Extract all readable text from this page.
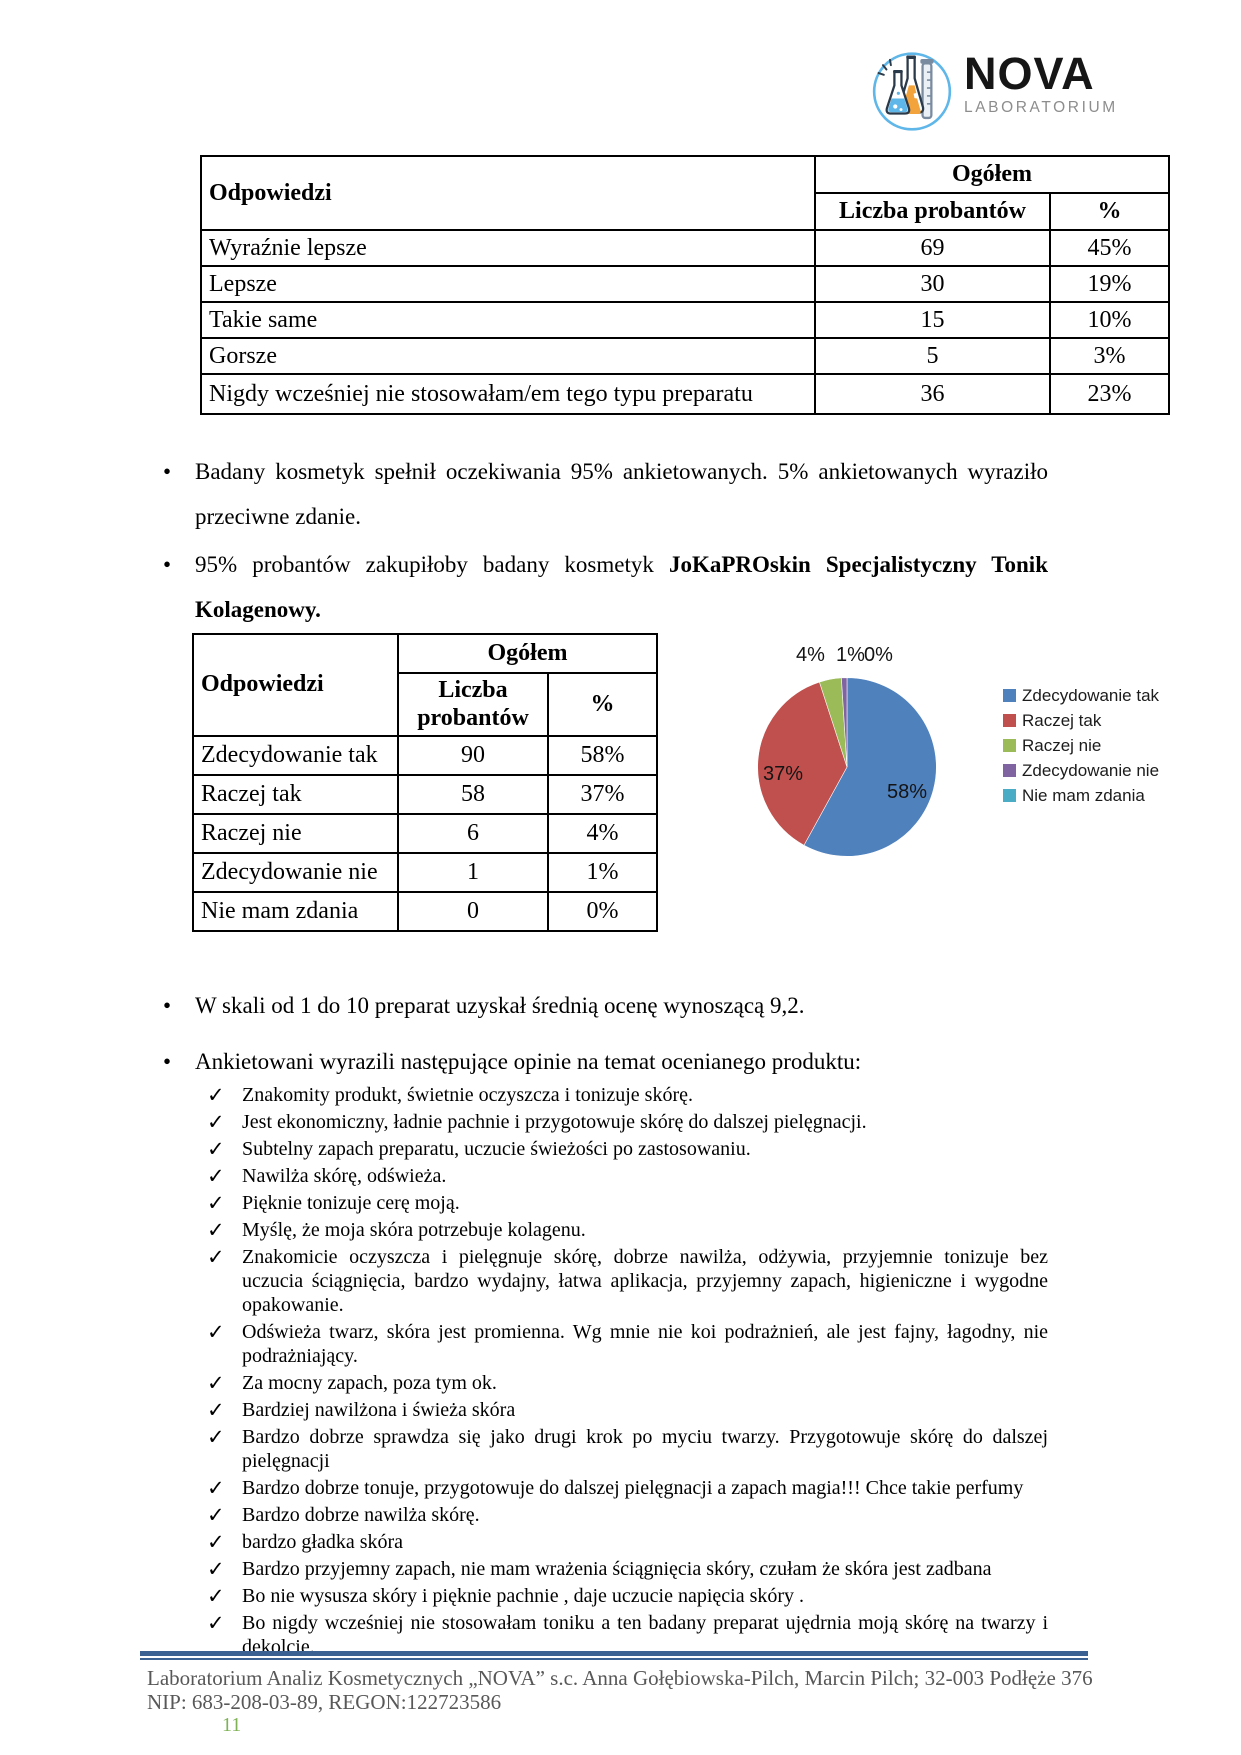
NOVA
LABORATORIUM
Odpowiedzi	Ogółem	
	Liczba probantów	%
Wyraźnie lepsze	69	45%
Lepsze	30	19%
Takie same	15	10%
Gorsze	5	3%
Nigdy wcześniej nie stosowałam/em tego typu preparatu	36	23%
• Badany kosmetyk spełnił oczekiwania 95% ankietowanych. 5% ankietowanych wyraziło przeciwne zdanie.
• 95% probantów zakupiłoby badany kosmetyk JoKaPROskin Specjalistyczny Tonik Kolagenowy.
Odpowiedzi	Ogółem	
	Liczba probantów	%
Zdecydowanie tak	90	58%
Raczej tak	58	37%
Raczej nie	6	4%
Zdecydowanie nie	1	1%
Nie mam zdania	0	0%
4% 1% 0%
37%
58%
Zdecydowanie tak
Raczej tak
Raczej nie
Zdecydowanie nie
Nie mam zdania
• W skali od 1 do 10 preparat uzyskał średnią ocenę wynoszącą 9,2.
• Ankietowani wyrazili następujące opinie na temat ocenianego produktu:
✓ Znakomity produkt, świetnie oczyszcza i tonizuje skórę.
✓ Jest ekonomiczny, ładnie pachnie i przygotowuje skórę do dalszej pielęgnacji.
✓ Subtelny zapach preparatu, uczucie świeżości po zastosowaniu.
✓ Nawilża skórę, odświeża.
✓ Pięknie tonizuje cerę moją.
✓ Myślę, że moja skóra potrzebuje kolagenu.
✓ Znakomicie oczyszcza i pielęgnuje skórę, dobrze nawilża, odżywia, przyjemnie tonizuje bez uczucia ściągnięcia, bardzo wydajny, łatwa aplikacja, przyjemny zapach, higieniczne i wygodne opakowanie.
✓ Odświeża twarz, skóra jest promienna. Wg mnie nie koi podrażnień, ale jest fajny, łagodny, nie podrażniający.
✓ Za mocny zapach, poza tym ok.
✓ Bardziej nawilżona i świeża skóra
✓ Bardzo dobrze sprawdza się jako drugi krok po myciu twarzy. Przygotowuje skórę do dalszej pielęgnacji
✓ Bardzo dobrze tonuje, przygotowuje do dalszej pielęgnacji a zapach magia!!! Chce takie perfumy
✓ Bardzo dobrze nawilża skórę.
✓ bardzo gładka skóra
✓ Bardzo przyjemny zapach, nie mam wrażenia ściągnięcia skóry, czułam że skóra jest zadbana
✓ Bo nie wysusza skóry i pięknie pachnie , daje uczucie napięcia skóry .
✓ Bo nigdy wcześniej nie stosowałam toniku a ten badany preparat ujędrnia moją skórę na twarzy i dekolcie.
Laboratorium Analiz Kosmetycznych „NOVA” s.c. Anna Gołębiowska-Pilch, Marcin Pilch; 32-003 Podłęże 376
NIP: 683-208-03-89, REGON:122723586
11
